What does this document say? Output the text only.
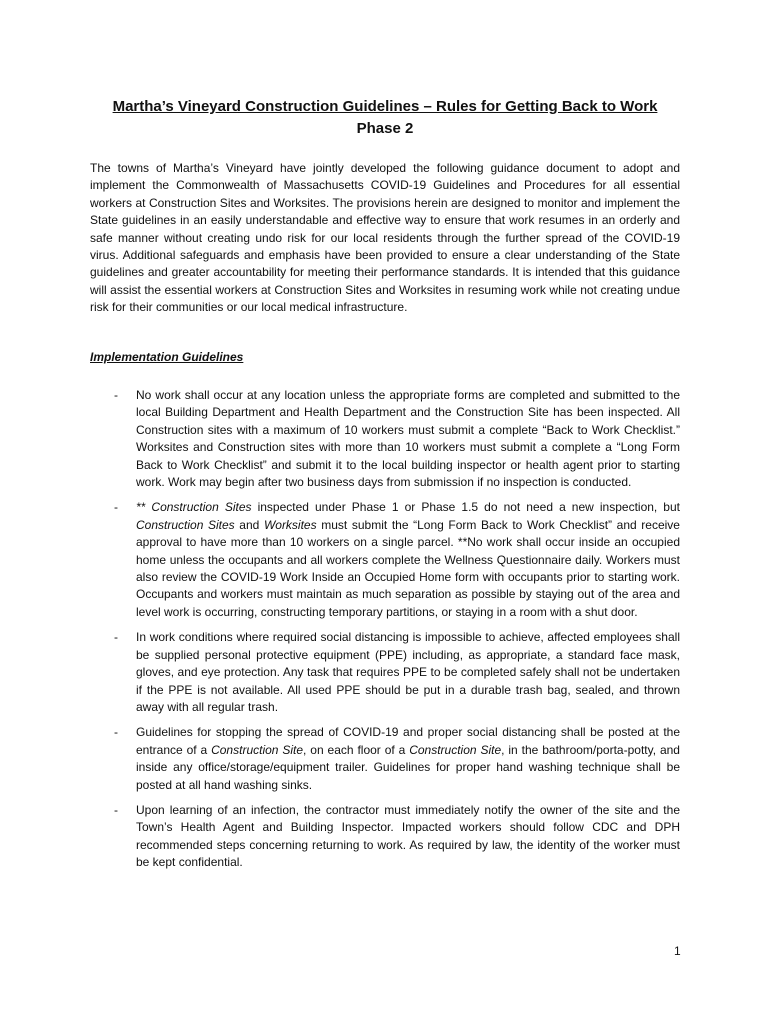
Martha’s Vineyard Construction Guidelines – Rules for Getting Back to Work
Phase 2

The towns of Martha’s Vineyard have jointly developed the following guidance document to adopt and implement the Commonwealth of Massachusetts COVID-19 Guidelines and Procedures for all essential workers at Construction Sites and Worksites. The provisions herein are designed to monitor and implement the State guidelines in an easily understandable and effective way to ensure that work resumes in an orderly and safe manner without creating undo risk for our local residents through the further spread of the COVID-19 virus. Additional safeguards and emphasis have been provided to ensure a clear understanding of the State guidelines and greater accountability for meeting their performance standards. It is intended that this guidance will assist the essential workers at Construction Sites and Worksites in resuming work while not creating undue risk for their communities or our local medical infrastructure.

Implementation Guidelines
- No work shall occur at any location unless the appropriate forms are completed and submitted to the local Building Department and Health Department and the Construction Site has been inspected. All Construction sites with a maximum of 10 workers must submit a complete “Back to Work Checklist.” Worksites and Construction sites with more than 10 workers must submit a complete a “Long Form Back to Work Checklist” and submit it to the local building inspector or health agent prior to starting work. Work may begin after two business days from submission if no inspection is conducted.
- ** Construction Sites inspected under Phase 1 or Phase 1.5 do not need a new inspection, but Construction Sites and Worksites must submit the “Long Form Back to Work Checklist” and receive approval to have more than 10 workers on a single parcel. **No work shall occur inside an occupied home unless the occupants and all workers complete the Wellness Questionnaire daily. Workers must also review the COVID-19 Work Inside an Occupied Home form with occupants prior to starting work. Occupants and workers must maintain as much separation as possible by staying out of the area and level work is occurring, constructing temporary partitions, or staying in a room with a shut door.
- In work conditions where required social distancing is impossible to achieve, affected employees shall be supplied personal protective equipment (PPE) including, as appropriate, a standard face mask, gloves, and eye protection. Any task that requires PPE to be completed safely shall not be undertaken if the PPE is not available. All used PPE should be put in a durable trash bag, sealed, and thrown away with all regular trash.
- Guidelines for stopping the spread of COVID-19 and proper social distancing shall be posted at the entrance of a Construction Site, on each floor of a Construction Site, in the bathroom/porta-potty, and inside any office/storage/equipment trailer. Guidelines for proper hand washing technique shall be posted at all hand washing sinks.
- Upon learning of an infection, the contractor must immediately notify the owner of the site and the Town’s Health Agent and Building Inspector. Impacted workers should follow CDC and DPH recommended steps concerning returning to work. As required by law, the identity of the worker must be kept confidential.
1
